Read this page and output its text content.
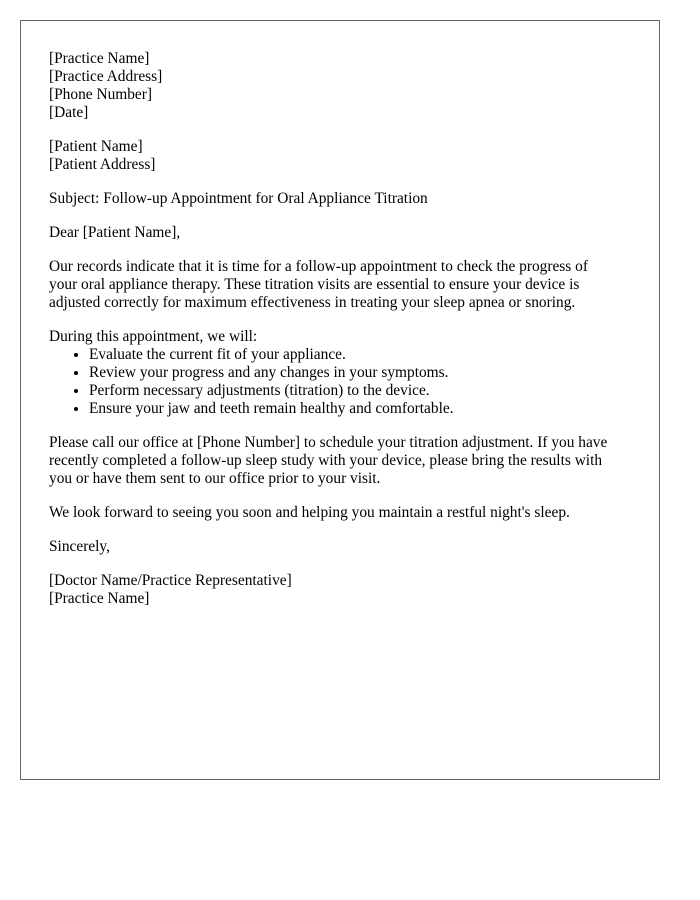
[Practice Name]
[Practice Address]
[Phone Number]
[Date]
[Patient Name]
[Patient Address]

Subject: Follow-up Appointment for Oral Appliance Titration

Dear [Patient Name],

Our records indicate that it is time for a follow-up appointment to check the progress of
your oral appliance therapy. These titration visits are essential to ensure your device is
adjusted correctly for maximum effectiveness in treating your sleep apnea or snoring.

During this appointment, we will:

• Evaluate the current fit of your appliance.
• Review your progress and any changes in your symptoms.
• Perform necessary adjustments (titration) to the device.
• Ensure your jaw and teeth remain healthy and comfortable.

Please call our office at [Phone Number] to schedule your titration adjustment. If you have
recently completed a follow-up sleep study with your device, please bring the results with
you or have them sent to our office prior to your visit.

We look forward to seeing you soon and helping you maintain a restful night's sleep.

Sincerely,

[Doctor Name/Practice Representative]
[Practice Name]
